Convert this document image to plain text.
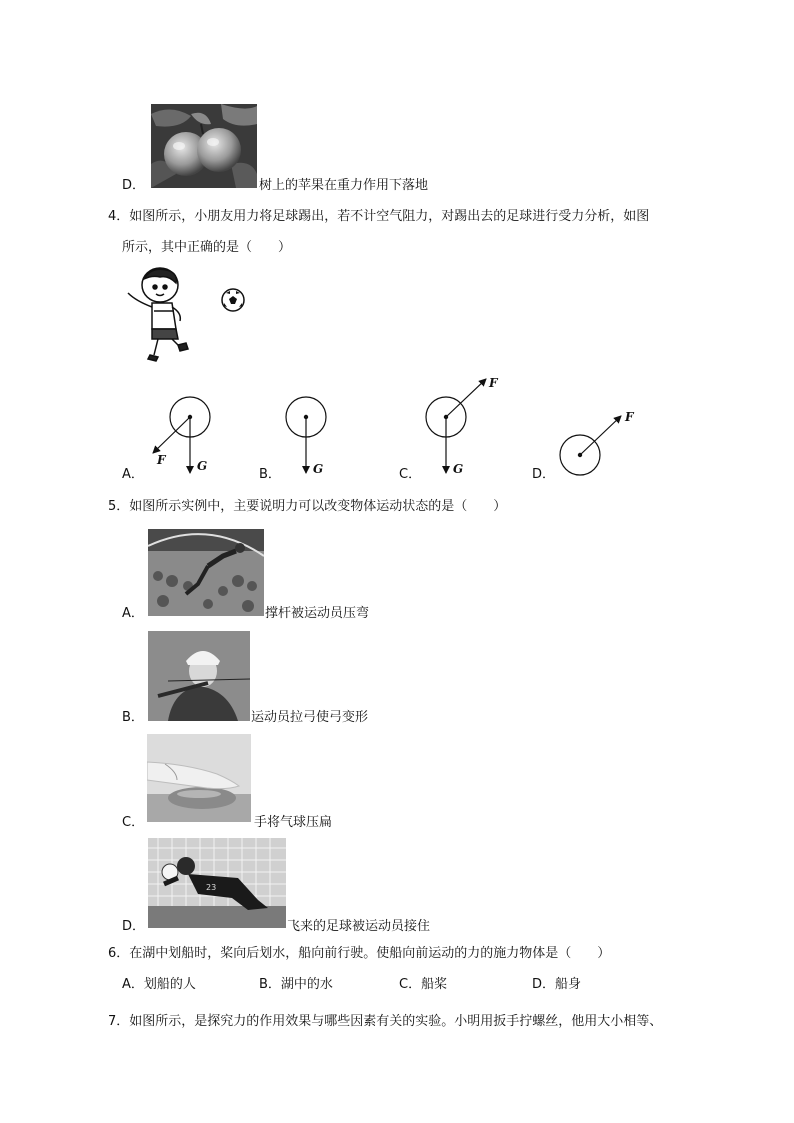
D．	树上的苹果在重力作用下落地
4．如图所示，小朋友用力将足球踢出，若不计空气阻力，对踢出去的足球进行受力分析，如图
所示，其中正确的是（　　）
F	G	G
F
G
F
A．	B．	C．	D．
5．如图所示实例中，主要说明力可以改变物体运动状态的是（　　）
A．	撑杆被运动员压弯
B．	运动员拉弓使弓变形
C．	手将气球压扁
23
D．	飞来的足球被运动员接住
6．在湖中划船时，桨向后划水，船向前行驶。使船向前运动的力的施力物体是（　　）
A．划船的人	B．湖中的水	C．船桨	D．船身
7．如图所示，是探究力的作用效果与哪些因素有关的实验。小明用扳手拧螺丝，他用大小相等、
